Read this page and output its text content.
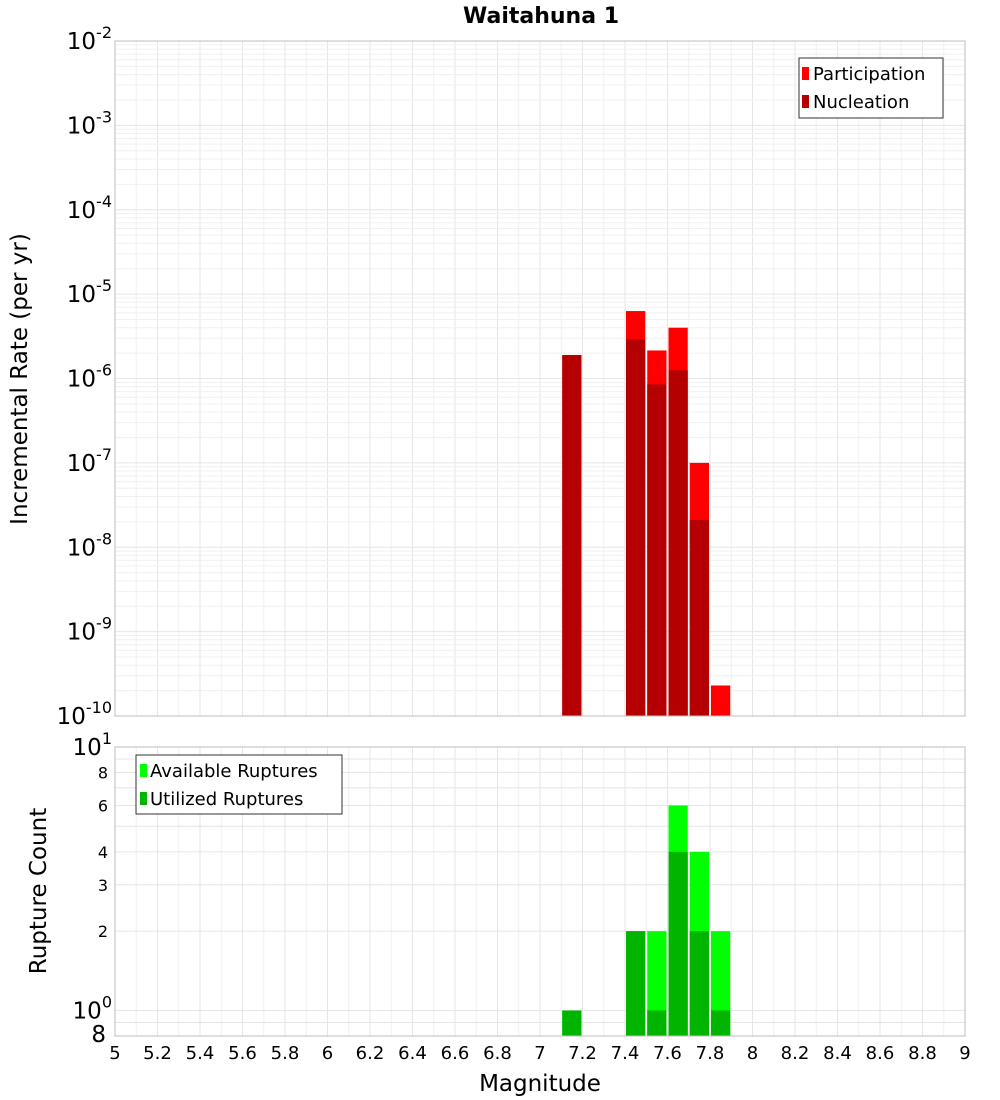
Waitahuna 1
10-10
10-9
10-8
10-7
10-6
10-5
10-4
10-3
10-2
Incremental Rate (per yr)
Participation
Nucleation
2
3
4
6
8
100
101
8
Rupture Count
Available Ruptures
Utilized Ruptures
5 5.2 5.4 5.6 5.8 6 6.2 6.4 6.6 6.8 7 7.2 7.4 7.6 7.8 8 8.2 8.4 8.6 8.8 9
Magnitude
